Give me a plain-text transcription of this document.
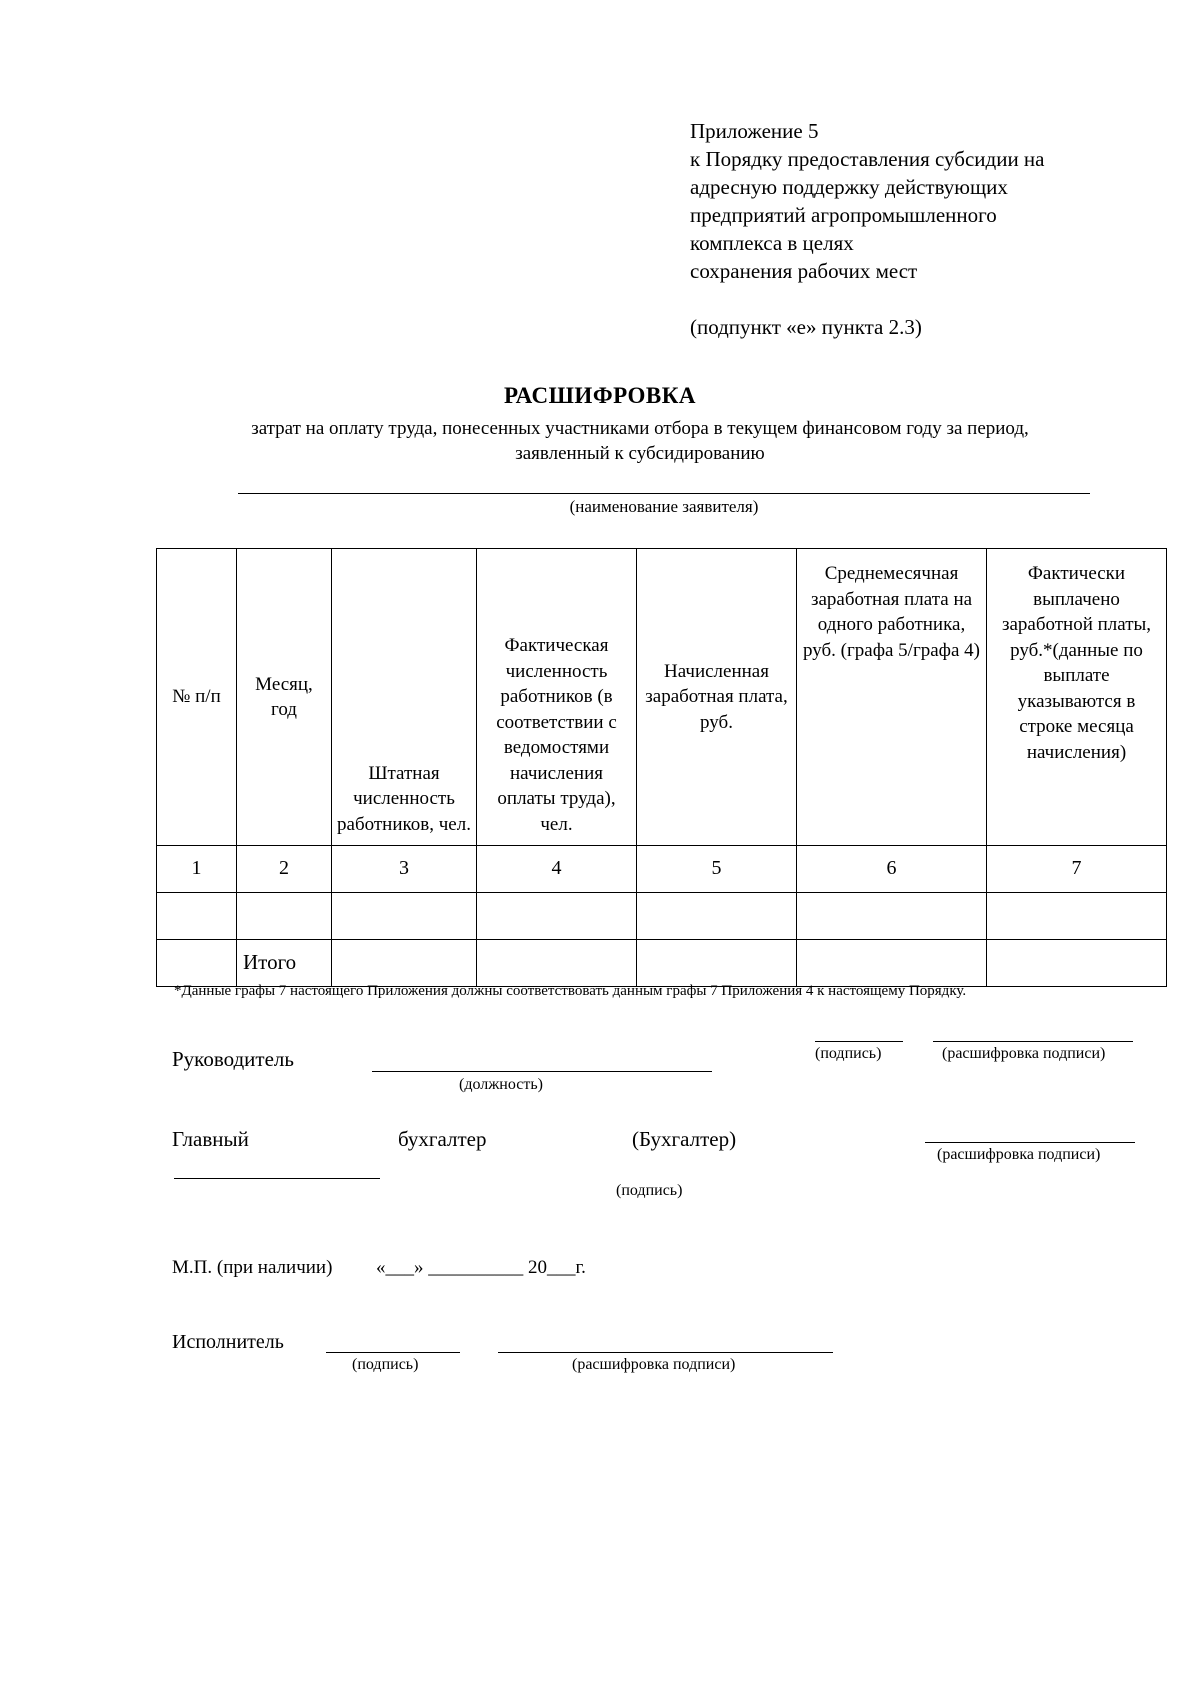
Приложение 5
к Порядку предоставления субсидии на
адресную поддержку действующих
предприятий агропромышленного
комплекса в целях
сохранения рабочих мест
(подпункт «е» пункта 2.3)
РАСШИФРОВКА
затрат на оплату труда, понесенных участниками отбора в текущем финансовом году за период,
заявленный к субсидированию
(наименование заявителя)
№ п/п	Месяц, год	Штатная численность работников, чел.	Фактическая численность работников (в соответствии с ведомостями начисления оплаты труда), чел.	Начисленная заработная плата, руб.	Среднемесячная заработная плата на одного работника, руб. (графа 5/графа 4)	Фактически выплачено заработной платы, руб.*(данные по выплате указываются в строке месяца начисления)
1	2	3	4	5	6	7

	Итого					
*Данные графы 7 настоящего Приложения должны соответствовать данным графы 7 Приложения 4 к настоящему Порядку.
(подпись)	(расшифровка подписи)
Руководитель
(должность)
Главный	бухгалтер	(Бухгалтер)
(расшифровка подписи)
(подпись)
М.П. (при наличии) «___» __________ 20___г.
Исполнитель
(подпись)	(расшифровка подписи)
